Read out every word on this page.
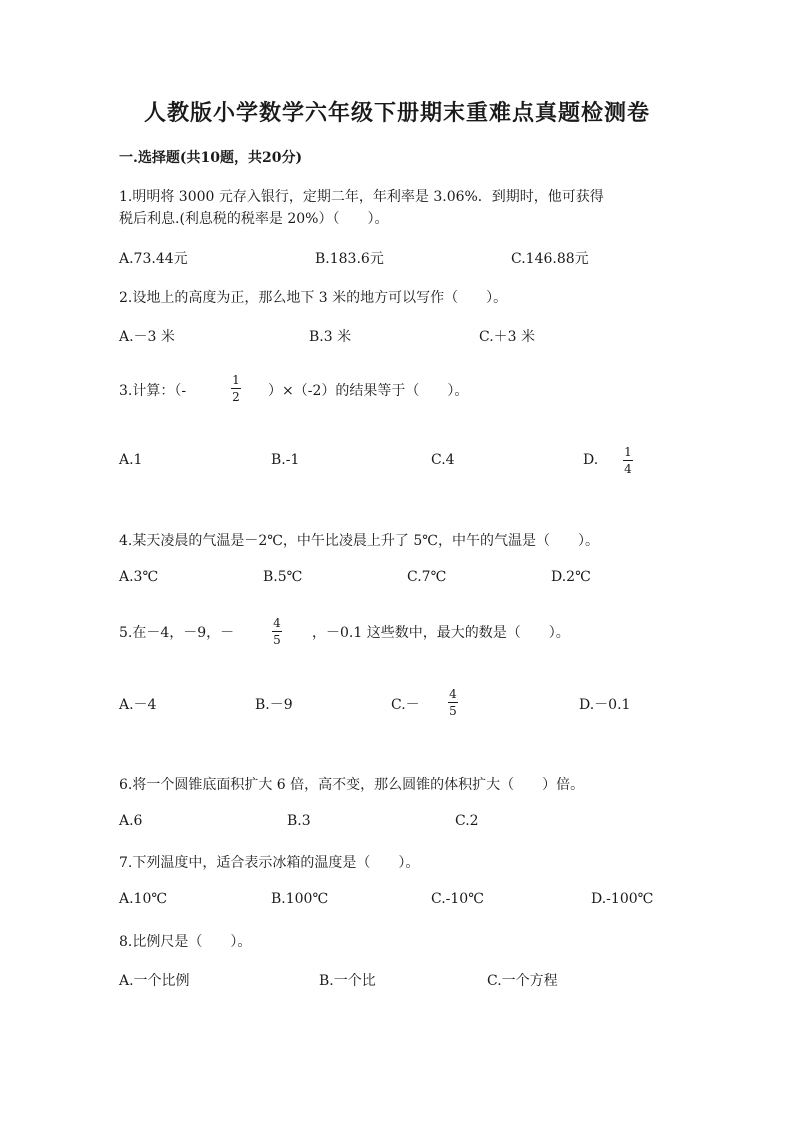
人教版小学数学六年级下册期末重难点真题检测卷
一.选择题(共10题，共20分)
1.明明将 3000 元存入银行，定期二年，年利率是 3.06%．到期时，他可获得
税后利息.(利息税的税率是 20%）（　　）。
A.73.44元	B.183.6元	C.146.88元
2.设地上的高度为正，那么地下 3 米的地方可以写作（　　）。
A.－3 米	B.3 米	C.＋3 米
3.计算：（-
1
2 ）×（-2）的结果等于（　　）。
A.1	B.-1	C.4	D. 1
4
4.某天凌晨的气温是－2℃，中午比凌晨上升了 5℃，中午的气温是（　　）。
A.3℃	B.5℃	C.7℃	D.2℃
5.在－4，－9，－
4
5 ，－0.1 这些数中，最大的数是（　　）。
A.－4	B.－9	C.－
4
5	D.－0.1
6.将一个圆锥底面积扩大 6 倍，高不变，那么圆锥的体积扩大（　　）倍。
A.6	B.3	C.2
7.下列温度中，适合表示冰箱的温度是（　　）。
A.10℃	B.100℃	C.-10℃	D.-100℃
8.比例尺是（　　）。
A.一个比例	B.一个比	C.一个方程
